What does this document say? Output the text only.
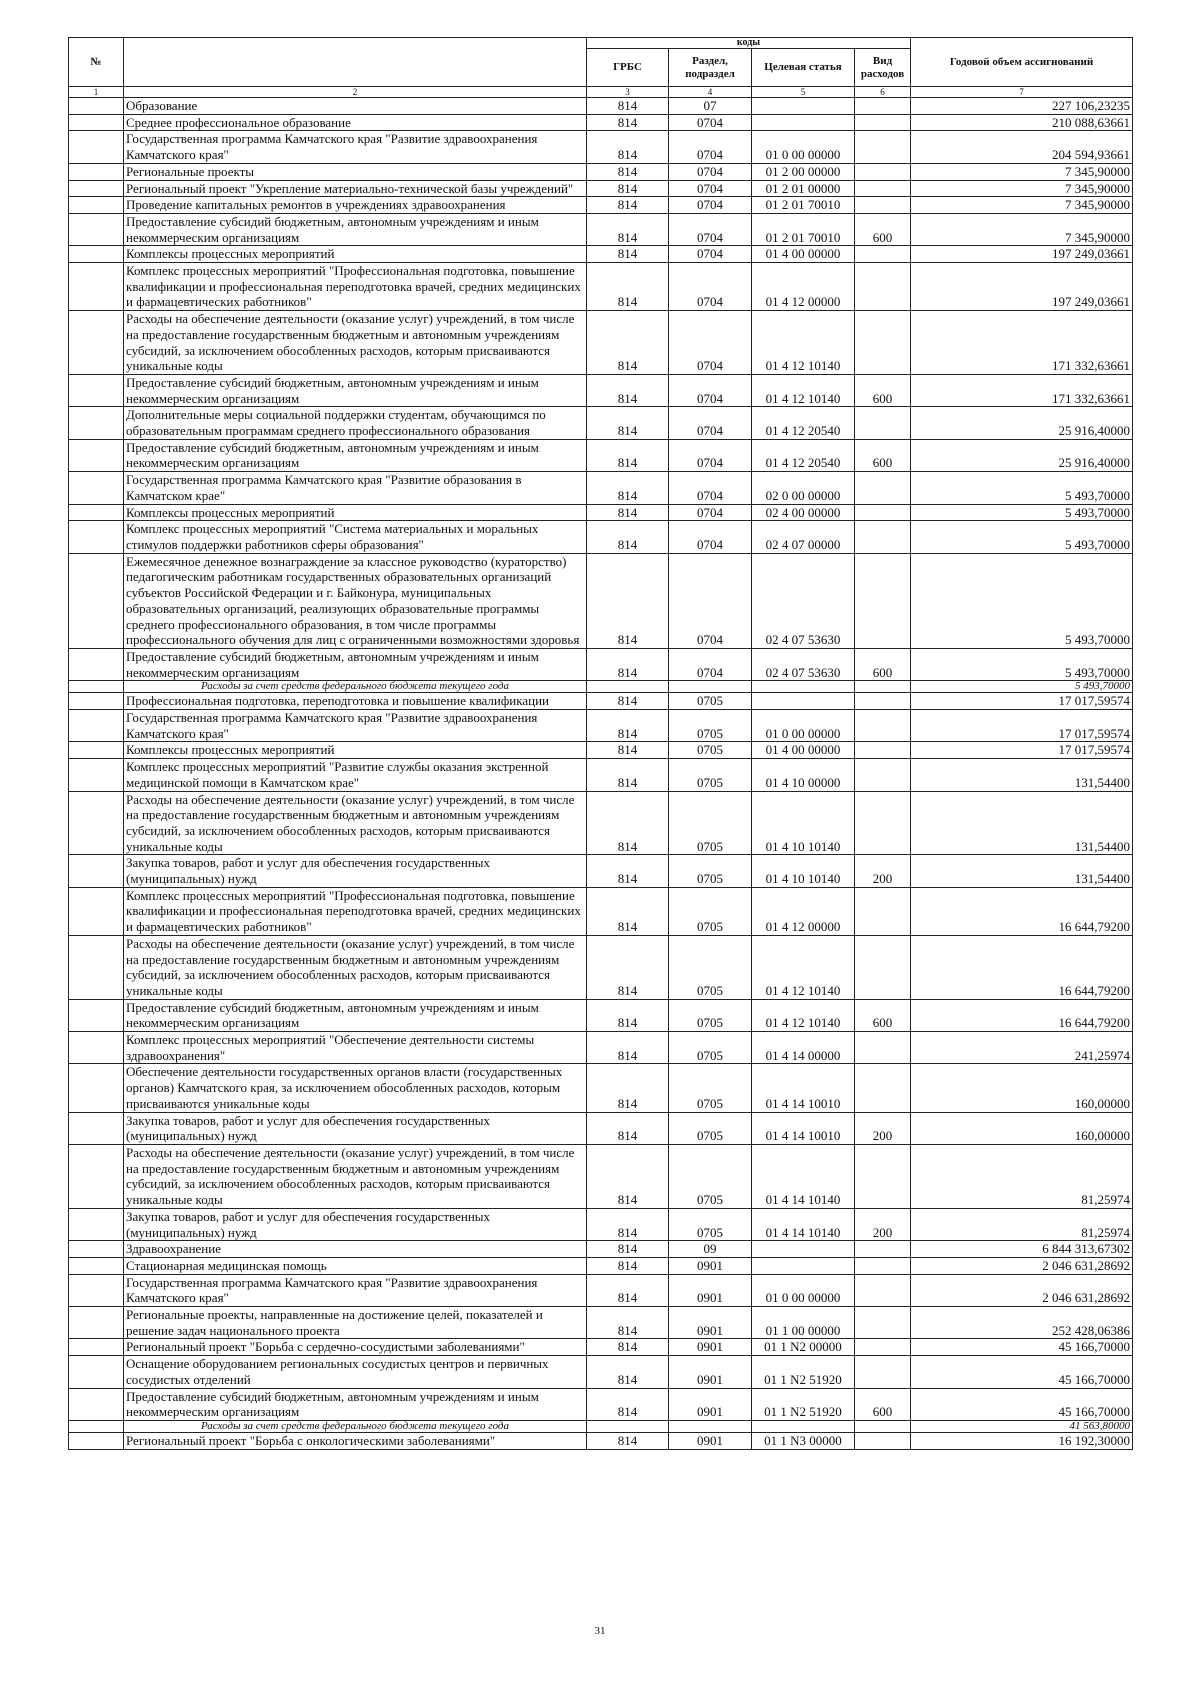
№		коды				Годовой объем ассигнований
		ГРБС	Раздел, подраздел	Целевая статья	Вид расходов	
1	2	3	4	5	6	7
	Образование	814	07			227 106,23235
	Среднее профессиональное образование	814	0704			210 088,63661
	Государственная программа Камчатского края "Развитие здравоохранения Камчатского края"	814	0704	01 0 00 00000		204 594,93661
	Региональные проекты	814	0704	01 2 00 00000		7 345,90000
	Региональный проект "Укрепление материально-технической базы учреждений"	814	0704	01 2 01 00000		7 345,90000
	Проведение капитальных ремонтов в учреждениях здравоохранения	814	0704	01 2 01 70010		7 345,90000
	Предоставление субсидий бюджетным, автономным учреждениям и иным некоммерческим организациям	814	0704	01 2 01 70010	600	7 345,90000
	Комплексы процессных мероприятий	814	0704	01 4 00 00000		197 249,03661
	Комплекс процессных мероприятий "Профессиональная подготовка, повышение квалификации и профессиональная переподготовка врачей, средних медицинских и фармацевтических работников"	814	0704	01 4 12 00000		197 249,03661
	Расходы на обеспечение деятельности (оказание услуг) учреждений, в том числе на предоставление государственным бюджетным и автономным учреждениям субсидий, за исключением обособленных расходов, которым присваиваются уникальные коды	814	0704	01 4 12 10140		171 332,63661
	Предоставление субсидий бюджетным, автономным учреждениям и иным некоммерческим организациям	814	0704	01 4 12 10140	600	171 332,63661
	Дополнительные меры социальной поддержки студентам, обучающимся по образовательным программам среднего профессионального образования	814	0704	01 4 12 20540		25 916,40000
	Предоставление субсидий бюджетным, автономным учреждениям и иным некоммерческим организациям	814	0704	01 4 12 20540	600	25 916,40000
	Государственная программа Камчатского края "Развитие образования в Камчатском крае"	814	0704	02 0 00 00000		5 493,70000
	Комплексы процессных мероприятий	814	0704	02 4 00 00000		5 493,70000
	Комплекс процессных мероприятий "Система материальных и моральных стимулов поддержки работников сферы образования"	814	0704	02 4 07 00000		5 493,70000
	Ежемесячное денежное вознаграждение за классное руководство (кураторство) педагогическим работникам государственных образовательных организаций субъектов Российской Федерации и г. Байконура, муниципальных образовательных организаций, реализующих образовательные программы среднего профессионального образования, в том числе программы профессионального обучения для лиц с ограниченными возможностями здоровья	814	0704	02 4 07 53630		5 493,70000
	Предоставление субсидий бюджетным, автономным учреждениям и иным некоммерческим организациям	814	0704	02 4 07 53630	600	5 493,70000
	Расходы за счет средств федерального бюджета текущего года					5 493,70000
	Профессиональная подготовка, переподготовка и повышение квалификации	814	0705			17 017,59574
	Государственная программа Камчатского края "Развитие здравоохранения Камчатского края"	814	0705	01 0 00 00000		17 017,59574
	Комплексы процессных мероприятий	814	0705	01 4 00 00000		17 017,59574
	Комплекс процессных мероприятий "Развитие службы оказания экстренной медицинской помощи в Камчатском крае"	814	0705	01 4 10 00000		131,54400
	Расходы на обеспечение деятельности (оказание услуг) учреждений, в том числе на предоставление государственным бюджетным и автономным учреждениям субсидий, за исключением обособленных расходов, которым присваиваются уникальные коды	814	0705	01 4 10 10140		131,54400
	Закупка товаров, работ и услуг для обеспечения государственных (муниципальных) нужд	814	0705	01 4 10 10140	200	131,54400
	Комплекс процессных мероприятий "Профессиональная подготовка, повышение квалификации и профессиональная переподготовка врачей, средних медицинских и фармацевтических работников"	814	0705	01 4 12 00000		16 644,79200
	Расходы на обеспечение деятельности (оказание услуг) учреждений, в том числе на предоставление государственным бюджетным и автономным учреждениям субсидий, за исключением обособленных расходов, которым присваиваются уникальные коды	814	0705	01 4 12 10140		16 644,79200
	Предоставление субсидий бюджетным, автономным учреждениям и иным некоммерческим организациям	814	0705	01 4 12 10140	600	16 644,79200
	Комплекс процессных мероприятий "Обеспечение деятельности системы здравоохранения"	814	0705	01 4 14 00000		241,25974
	Обеспечение деятельности государственных органов власти (государственных органов) Камчатского края, за исключением обособленных расходов, которым присваиваются уникальные коды	814	0705	01 4 14 10010		160,00000
	Закупка товаров, работ и услуг для обеспечения государственных (муниципальных) нужд	814	0705	01 4 14 10010	200	160,00000
	Расходы на обеспечение деятельности (оказание услуг) учреждений, в том числе на предоставление государственным бюджетным и автономным учреждениям субсидий, за исключением обособленных расходов, которым присваиваются уникальные коды	814	0705	01 4 14 10140		81,25974
	Закупка товаров, работ и услуг для обеспечения государственных (муниципальных) нужд	814	0705	01 4 14 10140	200	81,25974
	Здравоохранение	814	09			6 844 313,67302
	Стационарная медицинская помощь	814	0901			2 046 631,28692
	Государственная программа Камчатского края "Развитие здравоохранения Камчатского края"	814	0901	01 0 00 00000		2 046 631,28692
	Региональные проекты, направленные на достижение целей, показателей и решение задач национального проекта	814	0901	01 1 00 00000		252 428,06386
	Региональный проект "Борьба с сердечно-сосудистыми заболеваниями"	814	0901	01 1 N2 00000		45 166,70000
	Оснащение оборудованием региональных сосудистых центров и первичных сосудистых отделений	814	0901	01 1 N2 51920		45 166,70000
	Предоставление субсидий бюджетным, автономным учреждениям и иным некоммерческим организациям	814	0901	01 1 N2 51920	600	45 166,70000
	Расходы за счет средств федерального бюджета текущего года					41 563,80000
	Региональный проект "Борьба с онкологическими заболеваниями"	814	0901	01 1 N3 00000		16 192,30000
31
